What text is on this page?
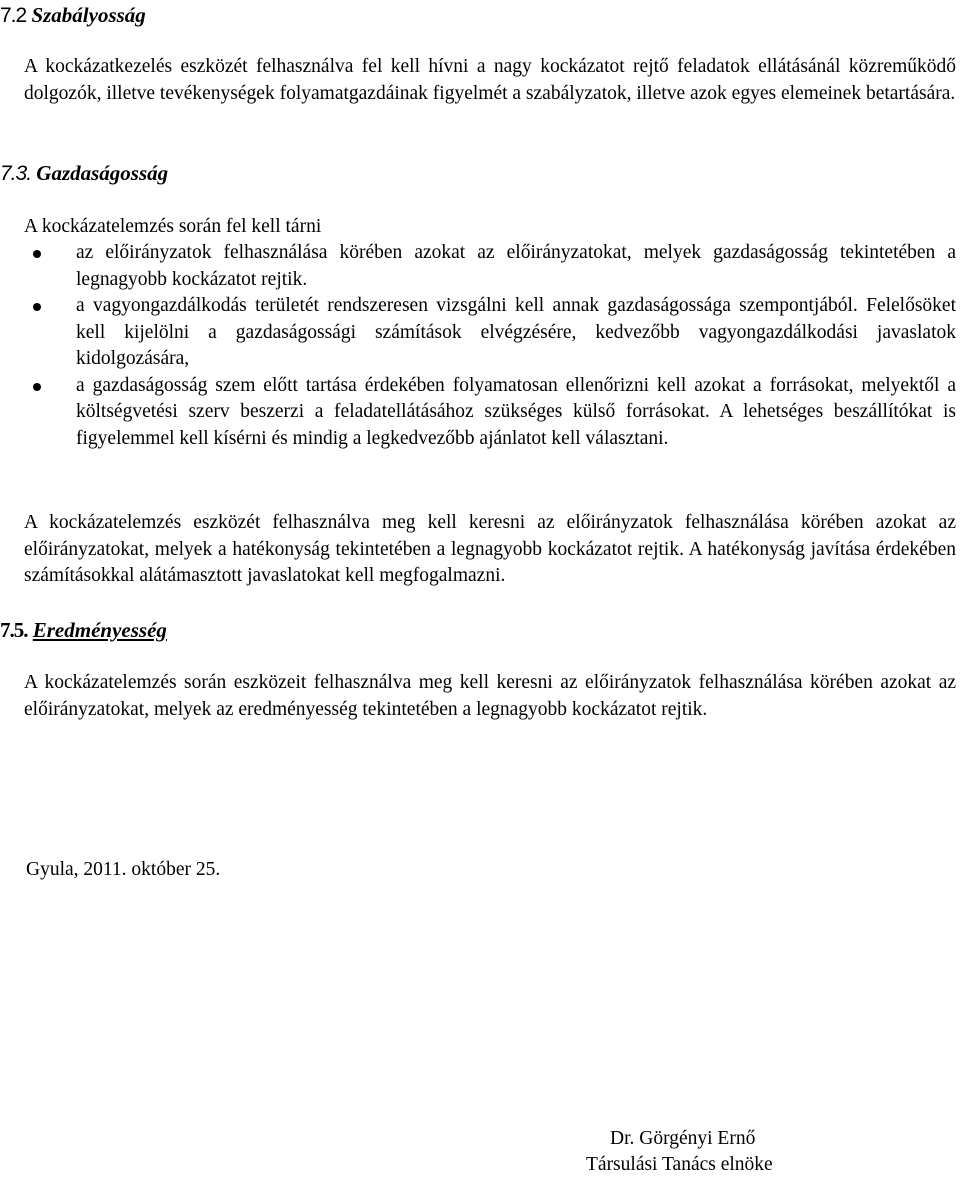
7.2 Szabályosság
A kockázatkezelés eszközét felhasználva fel kell hívni a nagy kockázatot rejtő feladatok ellátásánál közreműködő dolgozók, illetve tevékenységek folyamatgazdáinak figyelmét a szabályzatok, illetve azok egyes elemeinek betartására.
7.3. Gazdaságosság
A kockázatelemzés során fel kell tárni
az előirányzatok felhasználása körében azokat az előirányzatokat, melyek gazdaságosság tekintetében a legnagyobb kockázatot rejtik.
a vagyongazdálkodás területét rendszeresen vizsgálni kell annak gazdaságossága szempontjából. Felelősöket kell kijelölni a gazdaságossági számítások elvégzésére, kedvezőbb vagyongazdálkodási javaslatok kidolgozására,
a gazdaságosság szem előtt tartása érdekében folyamatosan ellenőrizni kell azokat a forrásokat, melyektől a költségvetési szerv beszerzi a feladatellátásához szükséges külső forrásokat. A lehetséges beszállítókat is figyelemmel kell kísérni és mindig a legkedvezőbb ajánlatot kell választani.
A kockázatelemzés eszközét felhasználva meg kell keresni az előirányzatok felhasználása körében azokat az előirányzatokat, melyek a hatékonyság tekintetében a legnagyobb kockázatot rejtik. A hatékonyság javítása érdekében számításokkal alátámasztott javaslatokat kell megfogalmazni.
7.5. Eredményesség
A kockázatelemzés során eszközeit felhasználva meg kell keresni az előirányzatok felhasználása körében azokat az előirányzatokat, melyek az eredményesség tekintetében a legnagyobb kockázatot rejtik.
Gyula, 2011. október 25.
Dr. Görgényi Ernő
Társulási Tanács elnöke
